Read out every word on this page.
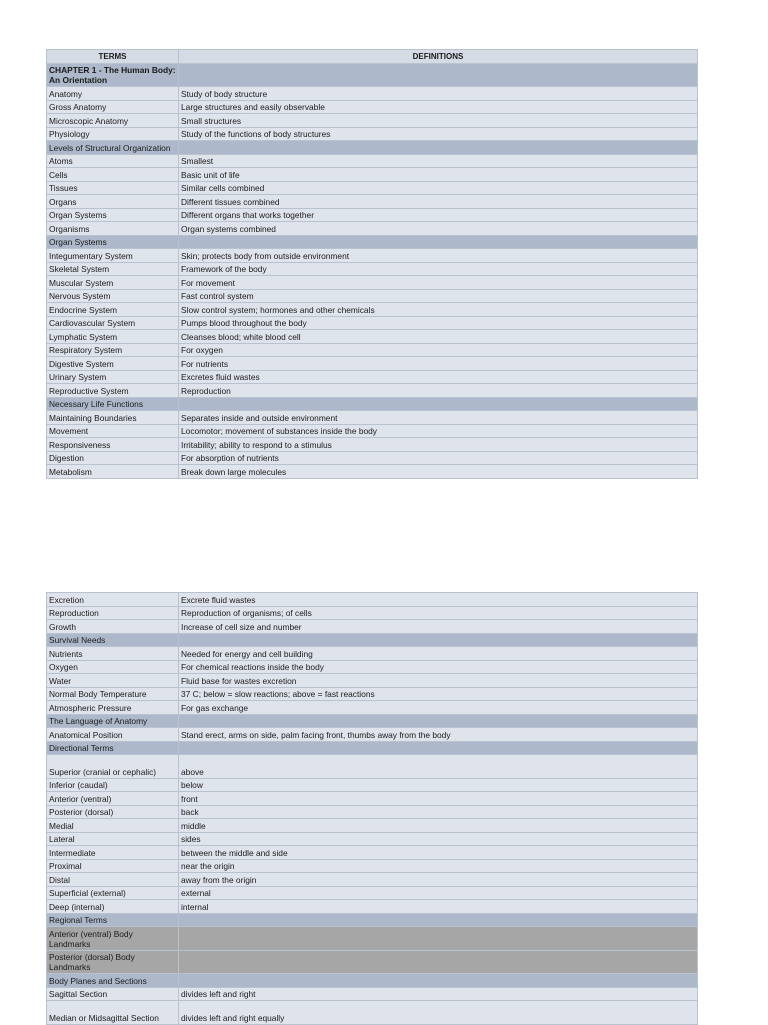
TERMS	DEFINITIONS
CHAPTER 1 - The Human Body: An Orientation	
Anatomy	Study of body structure
Gross Anatomy	Large structures and easily observable
Microscopic Anatomy	Small structures
Physiology	Study of the functions of body structures
Levels of Structural Organization	
Atoms	Smallest
Cells	Basic unit of life
Tissues	Similar cells combined
Organs	Different tissues combined
Organ Systems	Different organs that works together
Organisms	Organ systems combined
Organ Systems	
Integumentary System	Skin; protects body from outside environment
Skeletal System	Framework of the body
Muscular System	For movement
Nervous System	Fast control system
Endocrine System	Slow control system; hormones and other chemicals
Cardiovascular System	Pumps blood throughout the body
Lymphatic System	Cleanses blood; white blood cell
Respiratory System	For oxygen
Digestive System	For nutrients
Urinary System	Excretes fluid wastes
Reproductive System	Reproduction
Necessary Life Functions	
Maintaining Boundaries	Separates inside and outside environment
Movement	Locomotor; movement of substances inside the body
Responsiveness	Irritability; ability to respond to a stimulus
Digestion	For absorption of nutrients
Metabolism	Break down large molecules
Excretion	Excrete fluid wastes
Reproduction	Reproduction of organisms; of cells
Growth	Increase of cell size and number
Survival Needs	
Nutrients	Needed for energy and cell building
Oxygen	For chemical reactions inside the body
Water	Fluid base for wastes excretion
Normal Body Temperature	37 C; below = slow reactions; above = fast reactions
Atmospheric Pressure	For gas exchange
The Language of Anatomy	
Anatomical Position	Stand erect, arms on side, palm facing front, thumbs away from the body
Directional Terms	
Superior (cranial or cephalic)	above
Inferior (caudal)	below
Anterior (ventral)	front
Posterior (dorsal)	back
Medial	middle
Lateral	sides
Intermediate	between the middle and side
Proximal	near the origin
Distal	away from the origin
Superficial (external)	external
Deep (internal)	internal
Regional Terms	
Anterior (ventral) Body Landmarks	
Posterior (dorsal) Body Landmarks	
Body Planes and Sections	
Sagittal Section	divides left and right
Median or Midsagittal Section	divides left and right equally
